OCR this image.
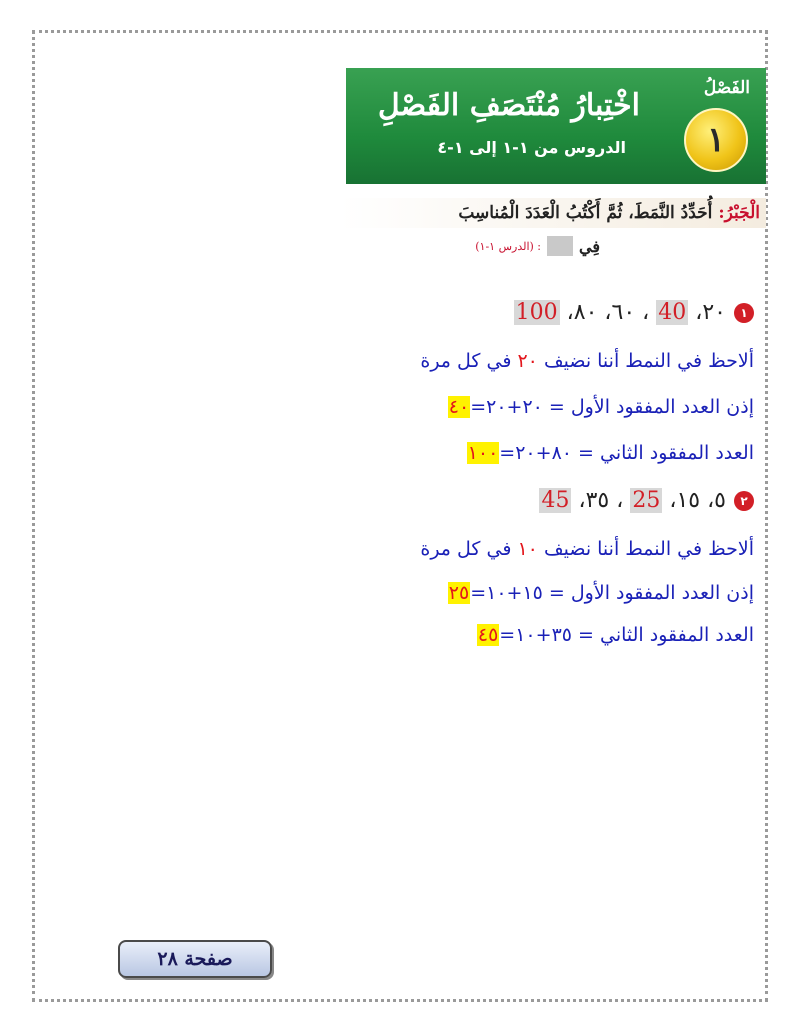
اخْتِبارُ مُنْتَصَفِ الفَصْلِ
الدروس من ١-١ إلى ١-٤
الفَصْلُ
١
الْجَبْرُ: أُحَدِّدُ النَّمَطَ، ثُمَّ أَكْتُبُ الْعَدَدَ الْمُناسِبَ
فِي
: (الدرس ١-١)
١
٢٠، 40 ، ٦٠، ٨٠، 100
ألاحظ في النمط أننا نضيف ٢٠ في كل مرة
إذن العدد المفقود الأول = ٢٠+٢٠=٤٠
العدد المفقود الثاني = ٨٠+٢٠=١٠٠
٢
٥، ١٥، 25 ، ٣٥، 45
ألاحظ في النمط أننا نضيف ١٠ في كل مرة
إذن العدد المفقود الأول = ١٥+١٠=٢٥
العدد المفقود الثاني = ٣٥+١٠=٤٥
صفحة ٢٨
